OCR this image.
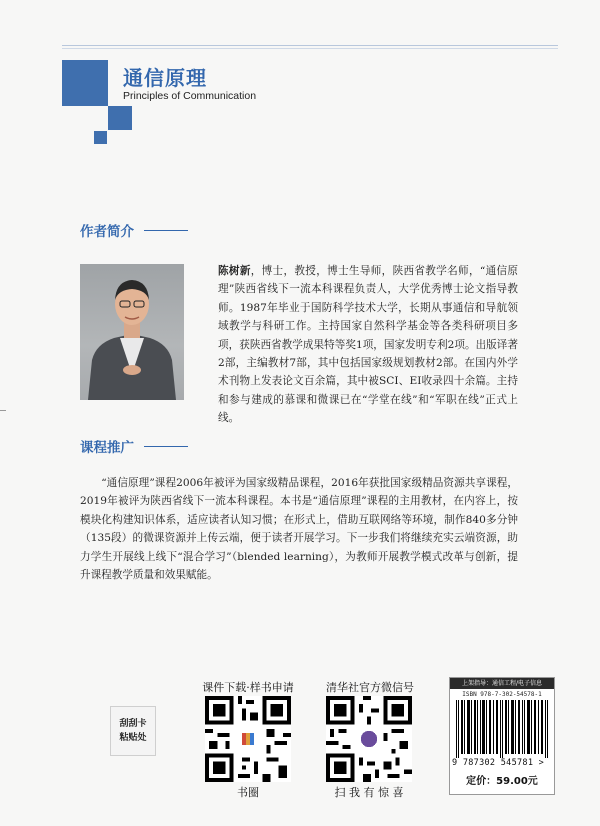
通信原理
Principles of Communication
作者简介
陈树新，博士，教授，博士生导师，陕西省教学名师，“通信原理”陕西省线下一流本科课程负责人，大学优秀博士论文指导教师。1987年毕业于国防科学技术大学，长期从事通信和导航领域教学与科研工作。主持国家自然科学基金等各类科研项目多项，获陕西省教学成果特等奖1项，国家发明专利2项。出版译著2部，主编教材7部，其中包括国家级规划教材2部。在国内外学术刊物上发表论文百余篇，其中被SCI、EI收录四十余篇。主持和参与建成的慕课和微课已在“学堂在线”和“军职在线”正式上线。
课程推广
“通信原理”课程2006年被评为国家级精品课程，2016年获批国家级精品资源共享课程，2019年被评为陕西省线下一流本科课程。本书是“通信原理”课程的主用教材，在内容上，按模块化构建知识体系，适应读者认知习惯；在形式上，借助互联网络等环境，制作840多分钟（135段）的微课资源并上传云端，便于读者开展学习。下一步我们将继续充实云端资源，助力学生开展线上线下“混合学习”（blended learning），为教师开展教学模式改革与创新，提升课程教学质量和效果赋能。
刮刮卡
粘贴处
课件下载·样书申请
书圈
清华社官方微信号
扫 我 有 惊 喜
上架指导：通信工程/电子信息
ISBN 978-7-302-54578-1
9 787302 545781 >
定价：59.00元
